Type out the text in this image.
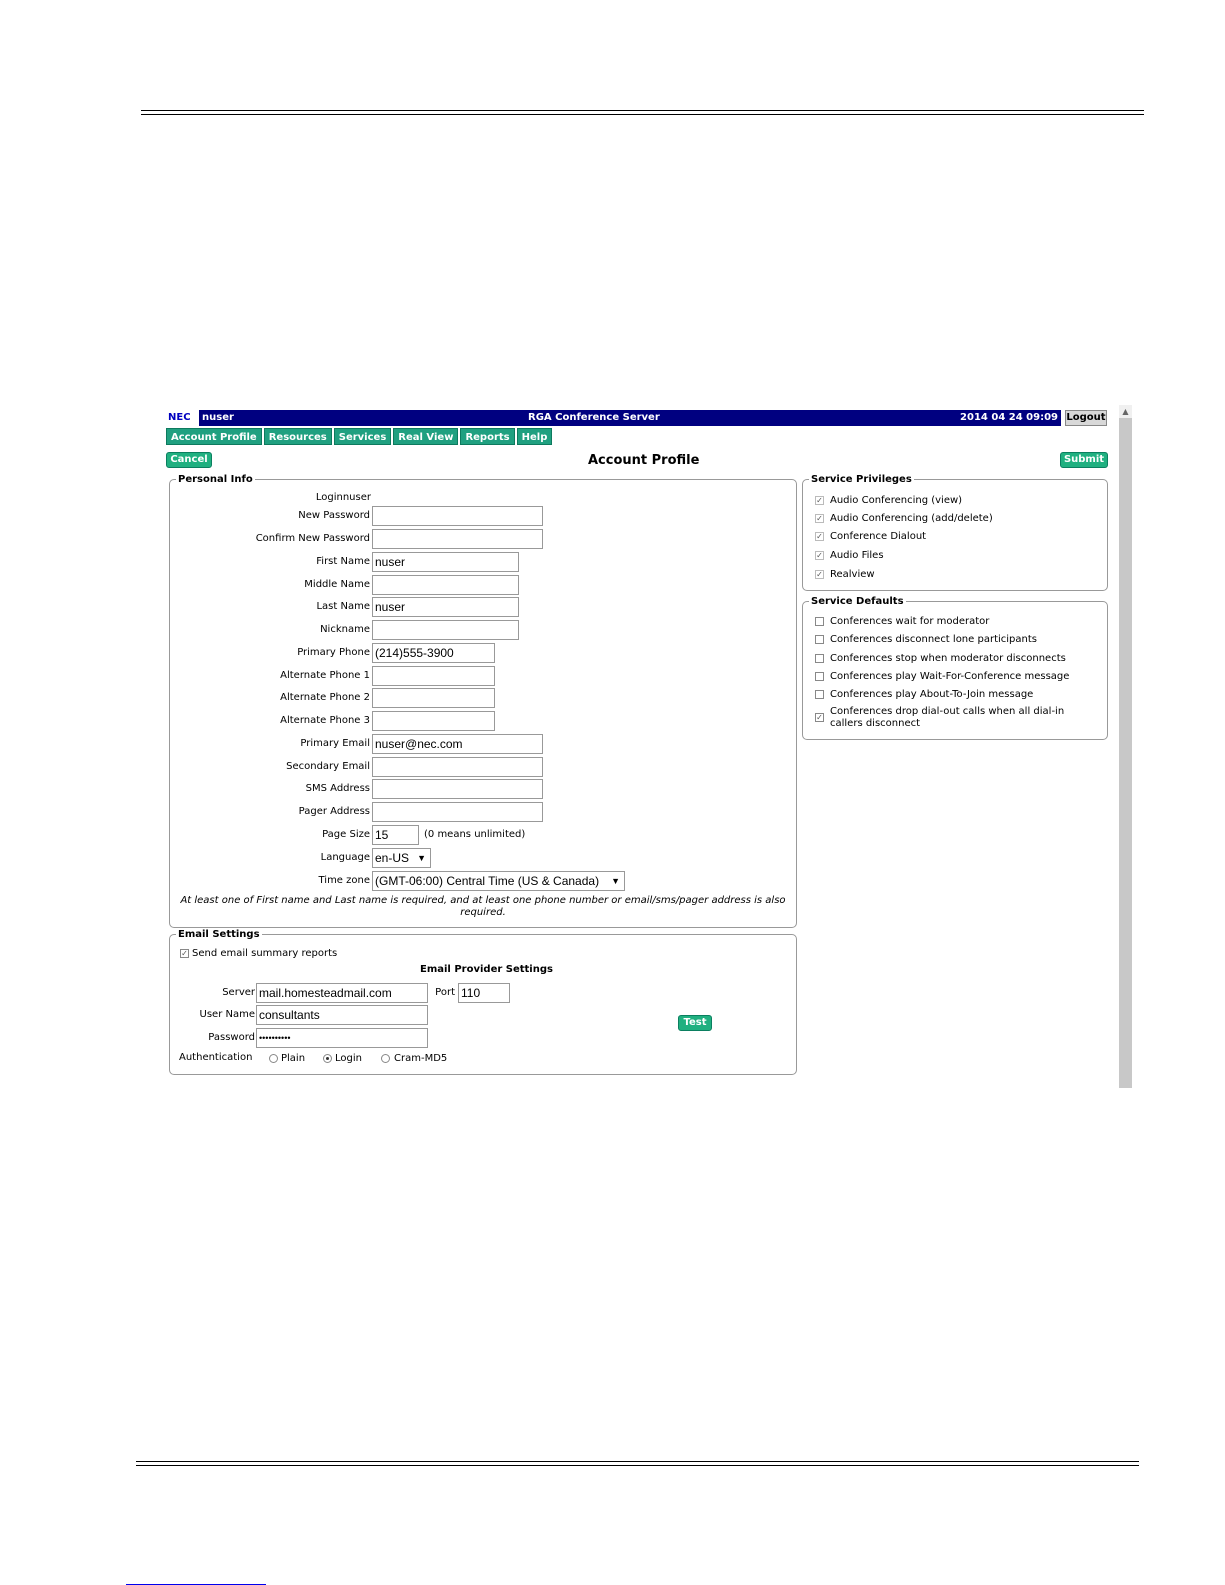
NEC	nuser	RGA Conference Server	2014 04 24 09:09 Logout
Account Profile	Resources	Services	Real View	Reports	Help
Cancel	Account Profile	Submit
Personal Info
Loginnuser
New Password
Confirm New Password
First Name nuser
Middle Name
Last Name nuser
Nickname
Primary Phone (214)555-3900
Alternate Phone 1
Alternate Phone 2
Alternate Phone 3
Primary Email nuser@nec.com
Secondary Email
SMS Address
Pager Address
Page Size 15	(0 means unlimited)
Language en-US ▼
Time zone (GMT-06:00) Central Time (US & Canada) ▼
At least one of First name and Last name is required, and at least one phone number or email/sms/pager address is also required.
Email Settings
✓ Send email summary reports
Email Provider Settings
Server mail.homesteadmail.com	Port 110
User Name consultants
Test
Password ••••••••••
Authentication	Plain	Login	Cram-MD5
Service Privileges
✓ Audio Conferencing (view)
✓ Audio Conferencing (add/delete)
✓ Conference Dialout
✓ Audio Files
✓ Realview
Service Defaults
Conferences wait for moderator
Conferences disconnect lone participants
Conferences stop when moderator disconnects
Conferences play Wait-For-Conference message
Conferences play About-To-Join message
✓
Conferences drop dial-out calls when all dial-in callers disconnect
▲
